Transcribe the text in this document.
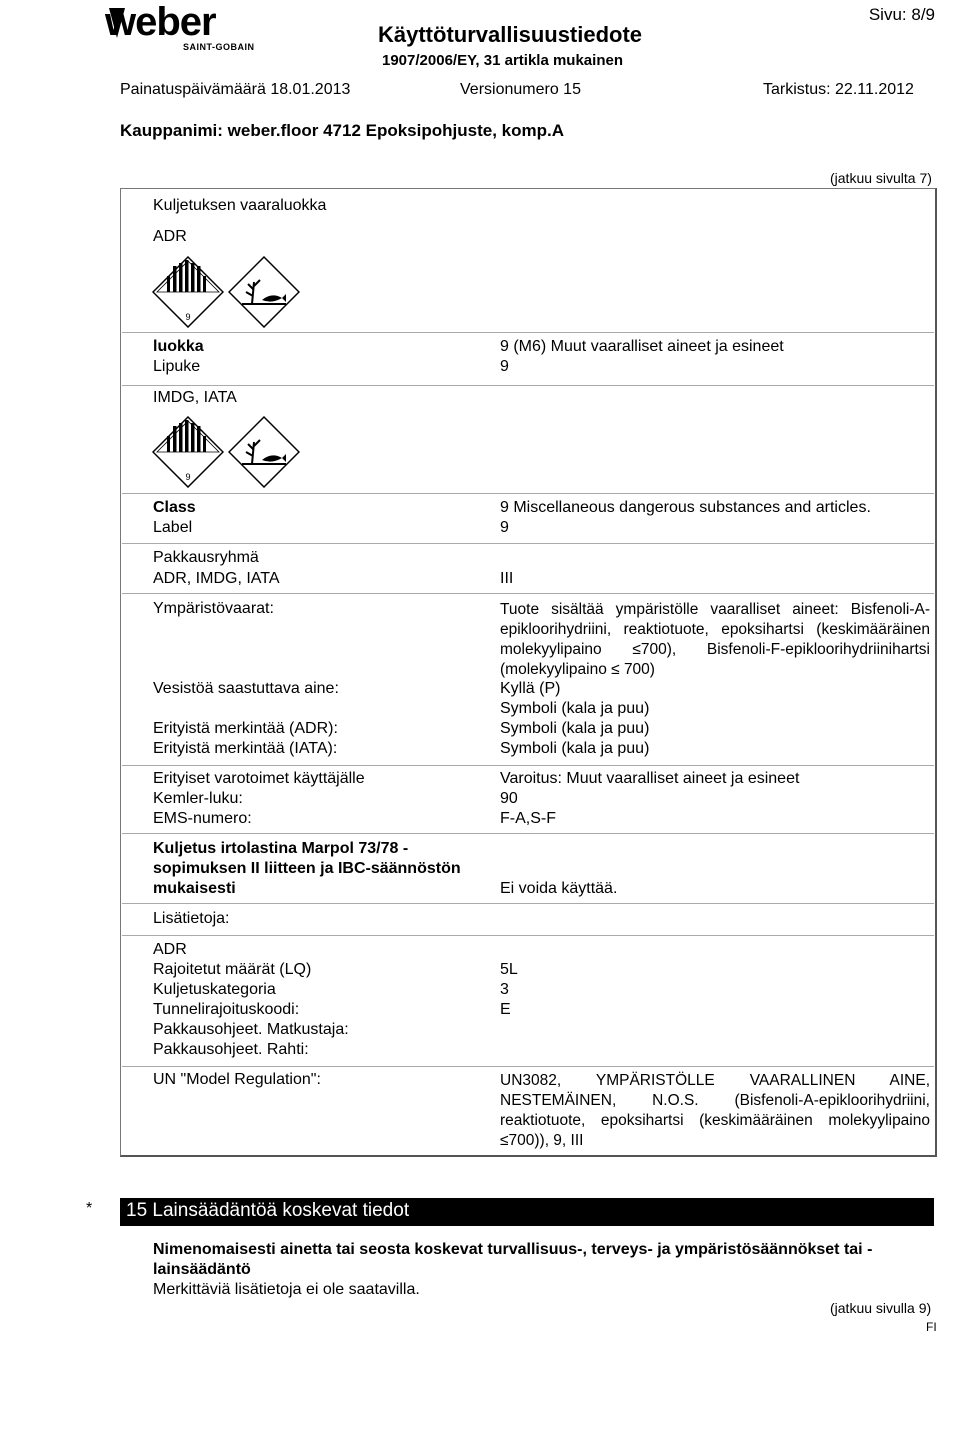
weber
SAINT-GOBAIN	Käyttöturvallisuustiedote
1907/2006/EY, 31 artikla mukainen
Sivu: 8/9
Painatuspäivämäärä 18.01.2013	Versionumero 15	Tarkistus: 22.11.2012
Kauppanimi: weber.floor 4712 Epoksipohjuste, komp.A
(jatkuu sivulta 7)
Kuljetuksen vaaraluokka
ADR
9
luokka	9 (M6) Muut vaaralliset aineet ja esineet
Lipuke	9
IMDG, IATA
9
Class	9 Miscellaneous dangerous substances and articles.
Label	9
Pakkausryhmä
ADR, IMDG, IATA	III
Ympäristövaarat:	Tuote sisältää ympäristölle vaaralliset aineet: Bisfenoli-A-epikloorihydriini, reaktiotuote, epoksihartsi (keskimääräinen molekyylipaino ≤700), Bisfenoli-F-epikloorihydriinihartsi (molekyylipaino ≤ 700)
Vesistöä saastuttava aine:	Kyllä (P)
Symboli (kala ja puu)
Erityistä merkintää (ADR):	Symboli (kala ja puu)
Erityistä merkintää (IATA):	Symboli (kala ja puu)
Erityiset varotoimet käyttäjälle	Varoitus: Muut vaaralliset aineet ja esineet
Kemler-luku:	90
EMS-numero:	F-A,S-F
Kuljetus irtolastina Marpol 73/78 -
sopimuksen II liitteen ja IBC-säännöstön
mukaisesti	Ei voida käyttää.
Lisätietoja:
ADR
Rajoitetut määrät (LQ)	5L
Kuljetuskategoria	3
Tunnelirajoituskoodi:	E
Pakkausohjeet. Matkustaja:
Pakkausohjeet. Rahti:
UN "Model Regulation":	UN3082, YMPÄRISTÖLLE VAARALLINEN AINE, NESTEMÄINEN, N.O.S. (Bisfenoli-A-epikloorihydriini, reaktiotuote, epoksihartsi (keskimääräinen molekyylipaino ≤700)), 9, III
* 15 Lainsäädäntöä koskevat tiedot
Nimenomaisesti ainetta tai seosta koskevat turvallisuus-, terveys- ja ympäristösäännökset tai -lainsäädäntö
Merkittäviä lisätietoja ei ole saatavilla.
(jatkuu sivulla 9)
FI
